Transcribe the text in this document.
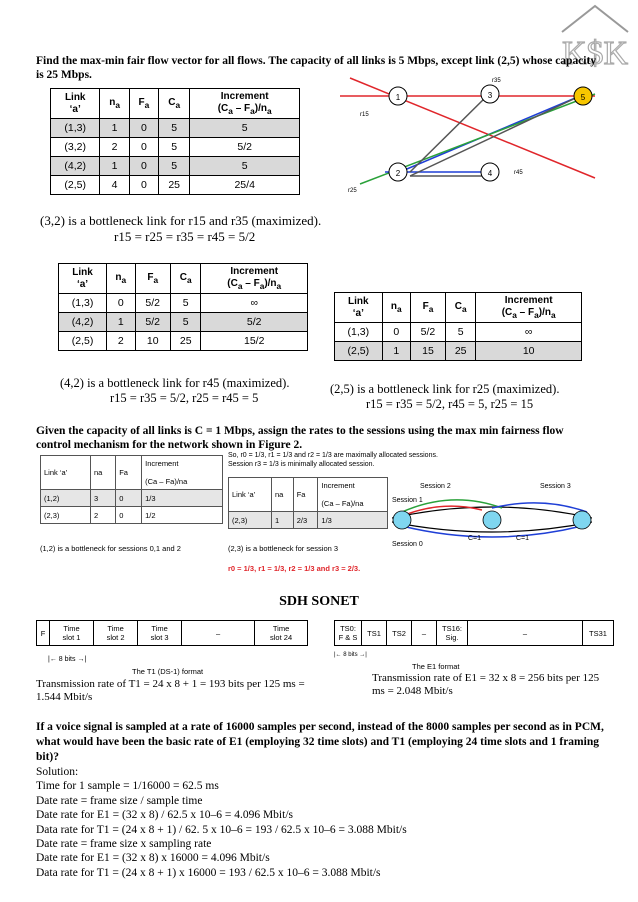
K$K
Find the max-min fair flow vector for all flows. The capacity of all links is 5 Mbps, except link (2,5) whose capacity is 25 Mbps.
Link
‘a’	$n_a$	$F_a$	$C_a$	Increment
$(C_a - F_a)/n_a$
(1,3)	1	0	5	5
(3,2)	2	0	5	5/2
(4,2)	1	0	5	5
(2,5)	4	0	25	25/4
1
2
3
4
5
r35
r15
r45
r25
(3,2) is a bottleneck link for r15 and r35 (maximized).
r15 = r25 = r35 = r45 = 5/2
Link
‘a’	$n_a$	$F_a$	$C_a$	Increment
$(C_a - F_a)/n_a$
(1,3)	0	5/2	5	∞
(4,2)	1	5/2	5	5/2
(2,5)	2	10	25	15/2
Link
‘a’	$n_a$	$F_a$	$C_a$	Increment
$(C_a - F_a)/n_a$
(1,3)	0	5/2	5	∞
(2,5)	1	15	25	10
(4,2) is a bottleneck link for r45 (maximized).
r15 = r35 = 5/2, r25 = r45 = 5
(2,5) is a bottleneck link for r25 (maximized).
r15 = r35 = 5/2, r45 = 5, r25 = 15
Given the capacity of all links is C = 1 Mbps, assign the rates to the sessions using the max min fairness flow control mechanism for the network shown in Figure 2.
So, r0 = 1/3, r1 = 1/3 and r2 = 1/3 are maximally allocated sessions.
Session r3 = 1/3 is minimally allocated session.
Link ‘a’	na	Fa	Increment

(Ca – Fa)/na
(1,2)	3	0	1/3
(2,3)	2	0	1/2
Link ‘a’	na	Fa	Increment

(Ca – Fa)/na
(2,3)	1	2/3	1/3
(1,2) is a bottleneck for sessions 0,1 and 2	(2,3) is a bottleneck for session 3
r0 = 1/3, r1 = 1/3, r2 = 1/3 and r3 = 2/3.
Session 2
Session 1
Session 3
Session 0
C=1	C=1
SDH SONET
F	Time
slot 1	Time
slot 2	Time
slot 3	–	Time
slot 24
|← 8 bits →|
The T1 (DS-1) format
Transmission rate of T1 = 24 x 8 + 1 = 193 bits per 125 ms = 1.544 Mbit/s
TS0:
F & S	TS1	TS2	–	TS16:
Sig.	–	TS31
|← 8 bits →|
The E1 format
Transmission rate of E1 = 32 x 8 = 256 bits per 125 ms = 2.048 Mbit/s
If a voice signal is sampled at a rate of 16000 samples per second, instead of the 8000 samples per second as in PCM, what would have been the basic rate of E1 (employing 32 time slots) and T1 (employing 24 time slots and 1 framing bit)?
Solution:
Time for 1 sample = 1/16000 = 62.5 ms
Date rate = frame size / sample time
Date rate for E1 = (32 x 8) / 62.5 x 10–6 = 4.096 Mbit/s
Data rate for T1 = (24 x 8 + 1) / 62. 5 x 10–6 = 193 / 62.5 x 10–6 = 3.088 Mbit/s
Date rate = frame size x sampling rate
Date rate for E1 = (32 x 8) x 16000 = 4.096 Mbit/s
Data rate for T1 = (24 x 8 + 1) x 16000 = 193 / 62.5 x 10–6 = 3.088 Mbit/s
